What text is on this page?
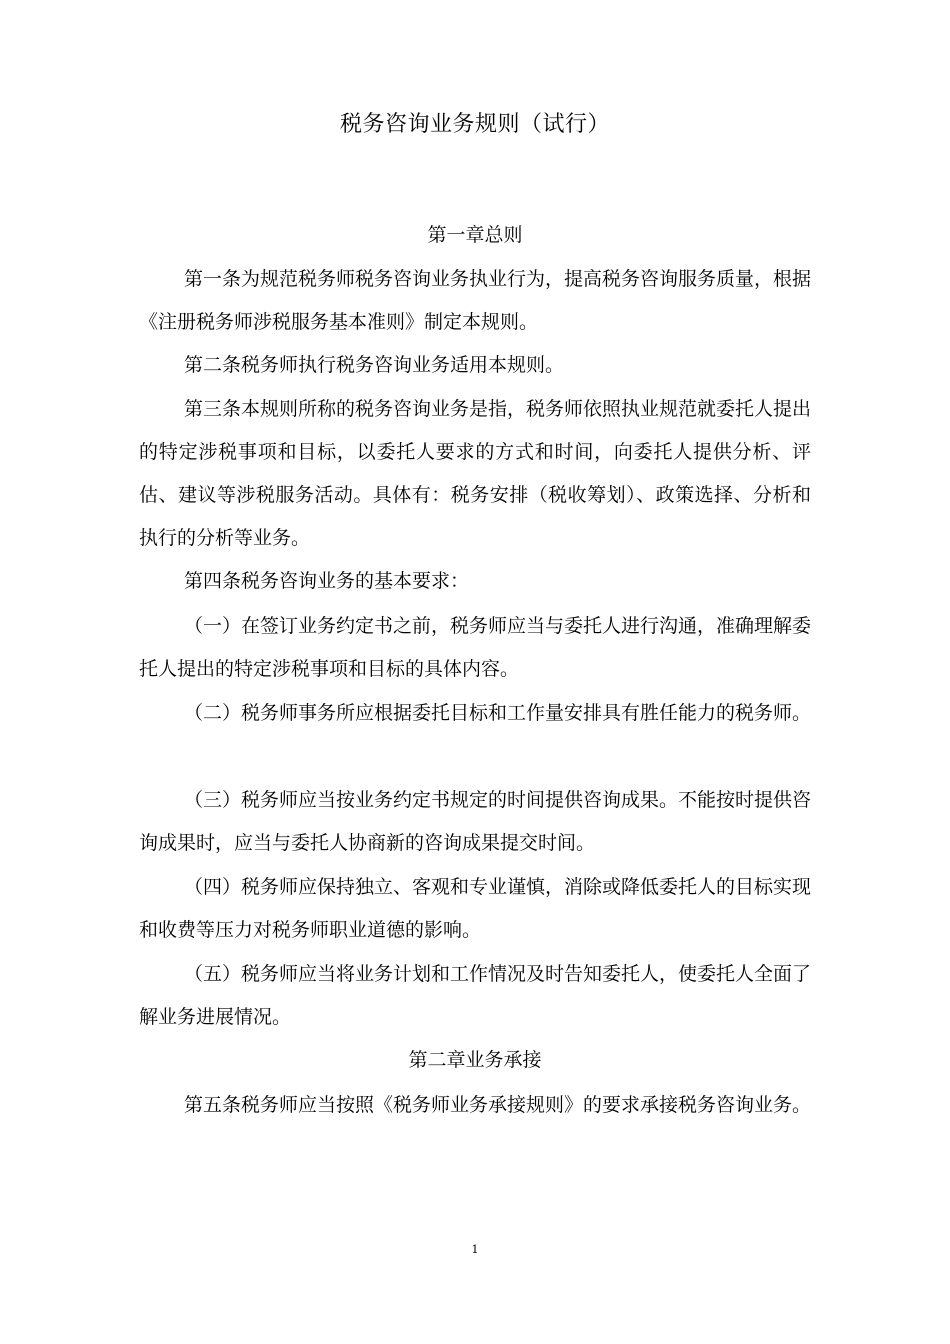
税务咨询业务规则（试行）
第一章总则

第一条为规范税务师税务咨询业务执业行为，提高税务咨询服务质量，根据《注册税务师涉税服务基本准则》制定本规则。

第二条税务师执行税务咨询业务适用本规则。

第三条本规则所称的税务咨询业务是指，税务师依照执业规范就委托人提出的特定涉税事项和目标，以委托人要求的方式和时间，向委托人提供分析、评估、建议等涉税服务活动。具体有：税务安排（税收筹划）、政策选择、分析和执行的分析等业务。

第四条税务咨询业务的基本要求：

（一）在签订业务约定书之前，税务师应当与委托人进行沟通，准确理解委托人提出的特定涉税事项和目标的具体内容。

（二）税务师事务所应根据委托目标和工作量安排具有胜任能力的税务师。

（三）税务师应当按业务约定书规定的时间提供咨询成果。不能按时提供咨询成果时，应当与委托人协商新的咨询成果提交时间。

（四）税务师应保持独立、客观和专业谨慎，消除或降低委托人的目标实现和收费等压力对税务师职业道德的影响。

（五）税务师应当将业务计划和工作情况及时告知委托人，使委托人全面了解业务进展情况。

第二章业务承接

第五条税务师应当按照《税务师业务承接规则》的要求承接税务咨询业务。

1
